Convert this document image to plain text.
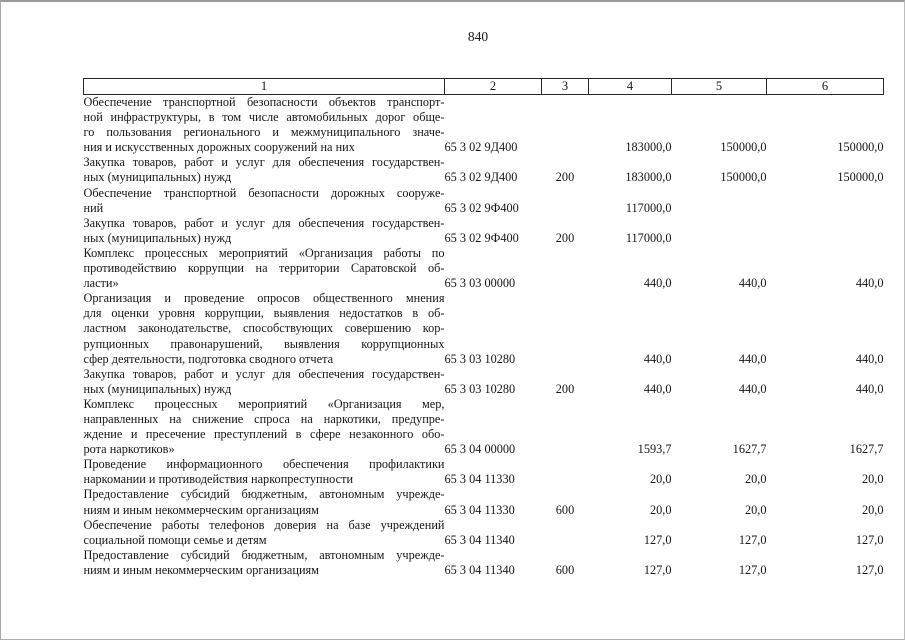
840
1	2	3	4	5	6

Обеспечение транспортной безопасности объектов транспорт-
ной инфраструктуры, в том числе автомобильных дорог обще-
го пользования регионального и межмуниципального значе-
ния и искусственных дорожных сооружений на них	65 3 02 9Д400		183000,0	150000,0	150000,0

Закупка товаров, работ и услуг для обеспечения государствен-
ных (муниципальных) нужд	65 3 02 9Д400	200	183000,0	150000,0	150000,0

Обеспечение транспортной безопасности дорожных сооруже-
ний	65 3 02 9Ф400		117000,0		

Закупка товаров, работ и услуг для обеспечения государствен-
ных (муниципальных) нужд	65 3 02 9Ф400	200	117000,0		

Комплекс процессных мероприятий «Организация работы по
противодействию коррупции на территории Саратовской об-
ласти»	65 3 03 00000		440,0	440,0	440,0

Организация и проведение опросов общественного мнения
для оценки уровня коррупции, выявления недостатков в об-
ластном законодательстве, способствующих совершению кор-
рупционных правонарушений, выявления коррупционных
сфер деятельности, подготовка сводного отчета	65 3 03 10280		440,0	440,0	440,0

Закупка товаров, работ и услуг для обеспечения государствен-
ных (муниципальных) нужд	65 3 03 10280	200	440,0	440,0	440,0

Комплекс процессных мероприятий «Организация мер,
направленных на снижение спроса на наркотики, предупре-
ждение и пресечение преступлений в сфере незаконного обо-
рота наркотиков»	65 3 04 00000		1593,7	1627,7	1627,7

Проведение информационного обеспечения профилактики
наркомании и противодействия наркопреступности	65 3 04 11330		20,0	20,0	20,0

Предоставление субсидий бюджетным, автономным учрежде-
ниям и иным некоммерческим организациям	65 3 04 11330	600	20,0	20,0	20,0

Обеспечение работы телефонов доверия на базе учреждений
социальной помощи семье и детям	65 3 04 11340		127,0	127,0	127,0

Предоставление субсидий бюджетным, автономным учрежде-
ниям и иным некоммерческим организациям	65 3 04 11340	600	127,0	127,0	127,0
